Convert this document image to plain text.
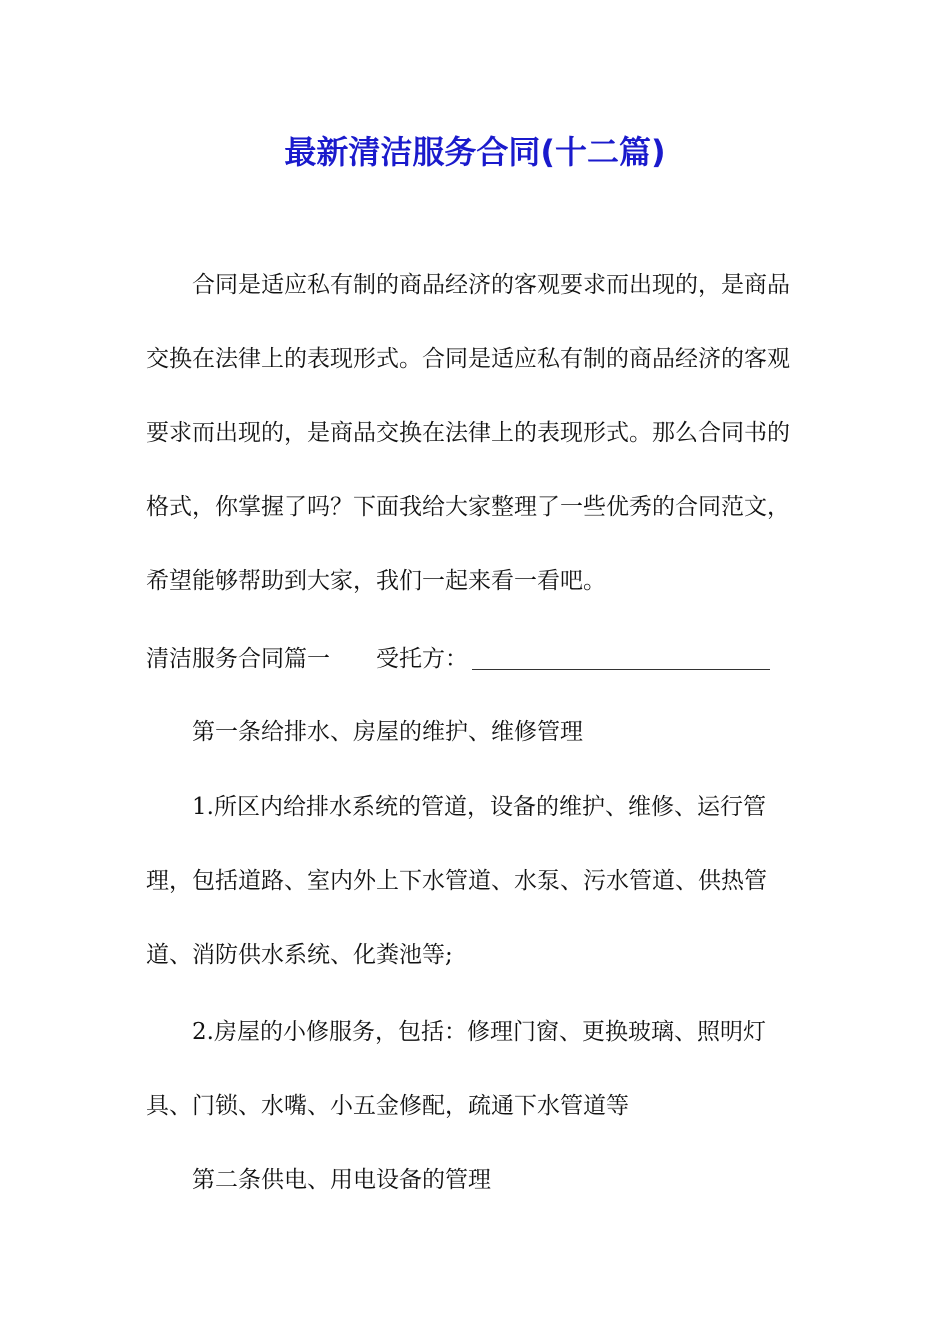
最新清洁服务合同(十二篇)

合同是适应私有制的商品经济的客观要求而出现的，是商品交换在法律上的表现形式。合同是适应私有制的商品经济的客观要求而出现的，是商品交换在法律上的表现形式。那么合同书的格式，你掌握了吗？下面我给大家整理了一些优秀的合同范文，希望能够帮助到大家，我们一起来看一看吧。

清洁服务合同篇一 受托方：
第一条给排水、房屋的维护、维修管理

1.所区内给排水系统的管道，设备的维护、维修、运行管理，包括道路、室内外上下水管道、水泵、污水管道、供热管道、消防供水系统、化粪池等;

2.房屋的小修服务，包括：修理门窗、更换玻璃、照明灯具、门锁、水嘴、小五金修配，疏通下水管道等

第二条供电、用电设备的管理
